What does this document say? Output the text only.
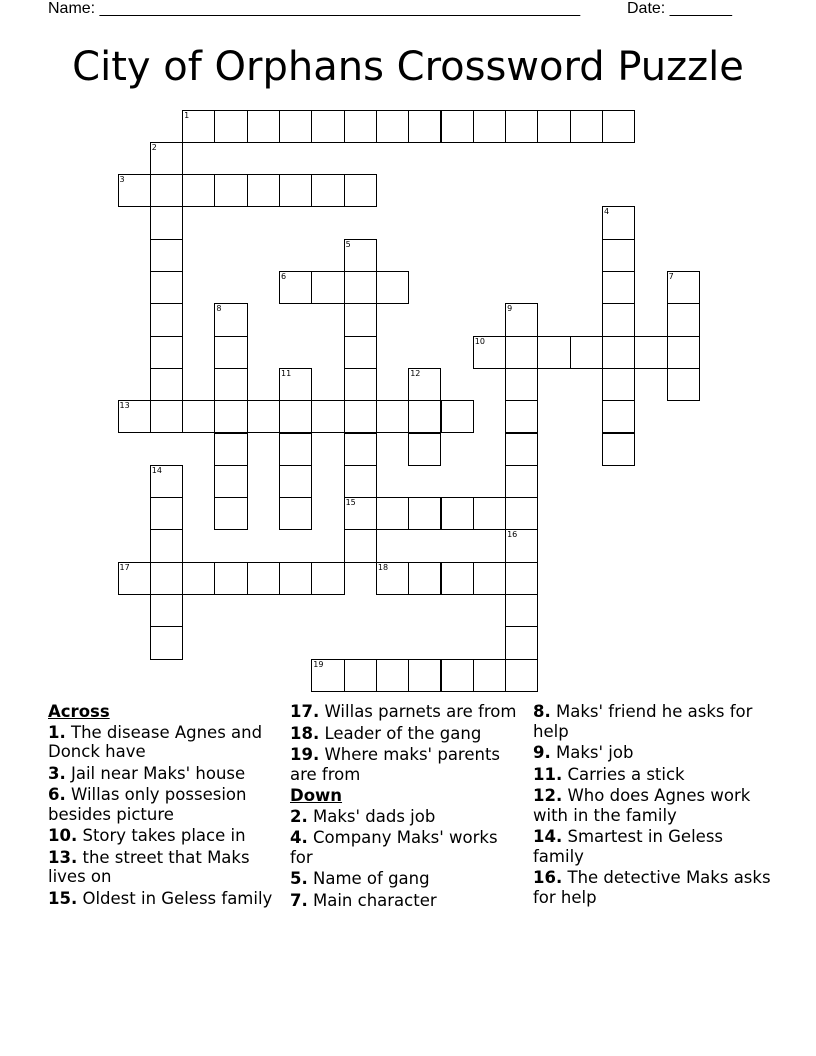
Name: ______________________________________________________	Date: _______
City of Orphans Crossword Puzzle
1
2
3
4
5
15
6	7
8	9
10
11	12
13
14
16
17	18
19
Across
1. The disease Agnes and Donck have
3. Jail near Maks' house
6. Willas only possesion besides picture
10. Story takes place in
13. the street that Maks lives on
15. Oldest in Geless family
17. Willas parnets are from
18. Leader of the gang
19. Where maks' parents are from
Down
2. Maks' dads job
4. Company Maks' works for
5. Name of gang
7. Main character
8. Maks' friend he asks for help
9. Maks' job
11. Carries a stick
12. Who does Agnes work with in the family
14. Smartest in Geless family
16. The detective Maks asks for help
